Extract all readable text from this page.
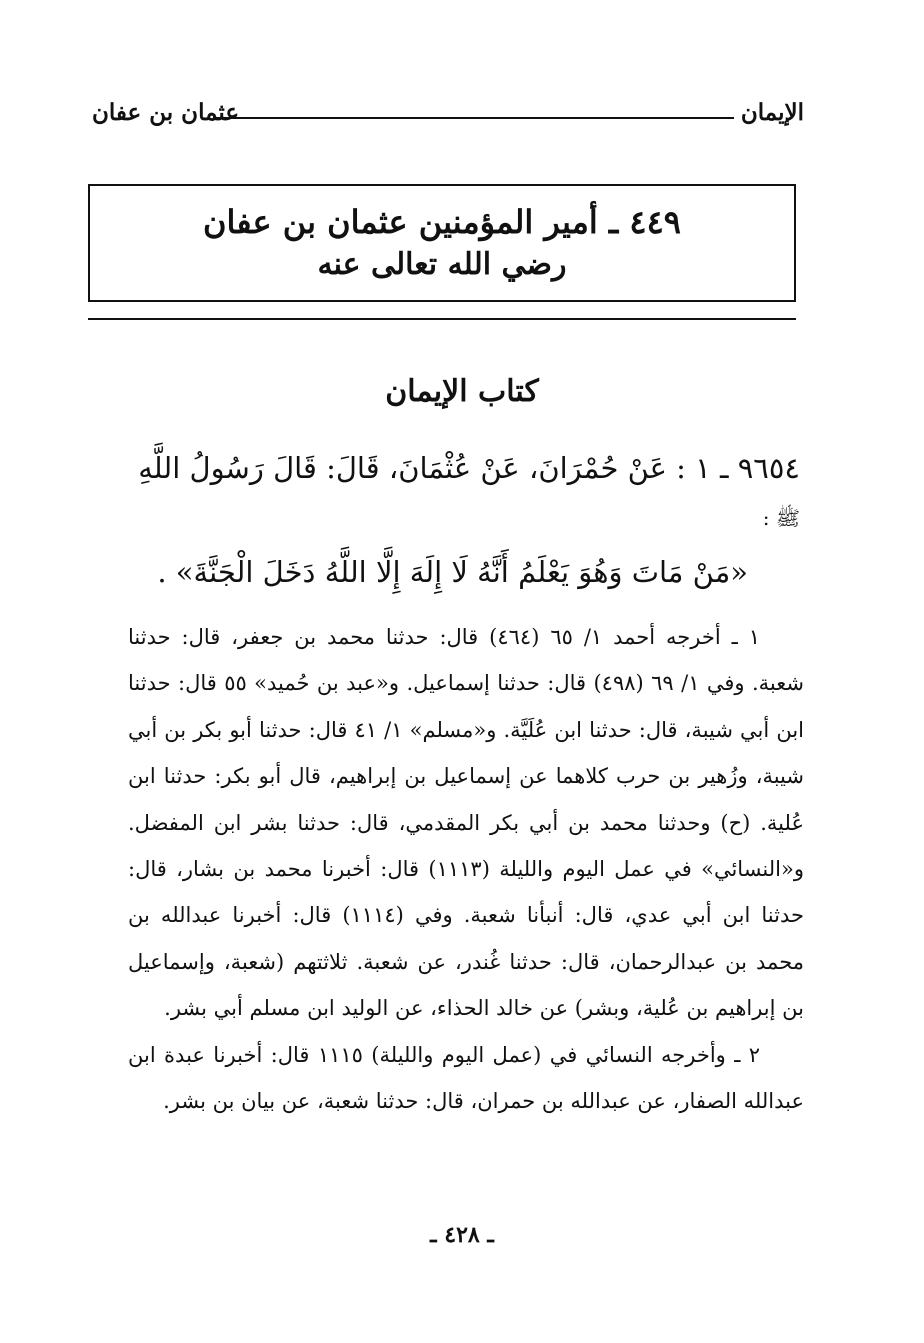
الإيمان
عثمان بن عفان
٤٤٩ ـ أمير المؤمنين عثمان بن عفان
رضي الله تعالى عنه
كتاب الإيمان
٩٦٥٤ ـ ١ : عَنْ حُمْرَانَ، عَنْ عُثْمَانَ، قَالَ: قَالَ رَسُولُ اللَّهِ
ﷺ :
«مَنْ مَاتَ وَهُوَ يَعْلَمُ أَنَّهُ لَا إِلَهَ إِلَّا اللَّهُ دَخَلَ الْجَنَّةَ» .

١ ـ أخرجه أحمد ١/ ٦٥ (٤٦٤) قال: حدثنا محمد بن جعفر، قال: حدثنا شعبة. وفي ١/ ٦٩ (٤٩٨) قال: حدثنا إسماعيل. و«عبد بن حُميد» ٥٥ قال: حدثنا ابن أبي شيبة، قال: حدثنا ابن عُلَيَّة. و«مسلم» ١/ ٤١ قال: حدثنا أبو بكر بن أبي شيبة، وزُهير بن حرب كلاهما عن إسماعيل بن إبراهيم، قال أبو بكر: حدثنا ابن عُلية. (ح) وحدثنا محمد بن أبي بكر المقدمي، قال: حدثنا بشر ابن المفضل. و«النسائي» في عمل اليوم والليلة (١١١٣) قال: أخبرنا محمد بن بشار، قال: حدثنا ابن أبي عدي، قال: أنبأنا شعبة. وفي (١١١٤) قال: أخبرنا عبدالله بن محمد بن عبدالرحمان، قال: حدثنا غُندر، عن شعبة. ثلاثتهم (شعبة، وإسماعيل بن إبراهيم بن عُلية، وبشر) عن خالد الحذاء، عن الوليد ابن مسلم أبي بشر.

٢ ـ وأخرجه النسائي في (عمل اليوم والليلة) ١١١٥ قال: أخبرنا عبدة ابن عبدالله الصفار، عن عبدالله بن حمران، قال: حدثنا شعبة، عن بيان بن بشر.

ـ ٤٢٨ ـ
